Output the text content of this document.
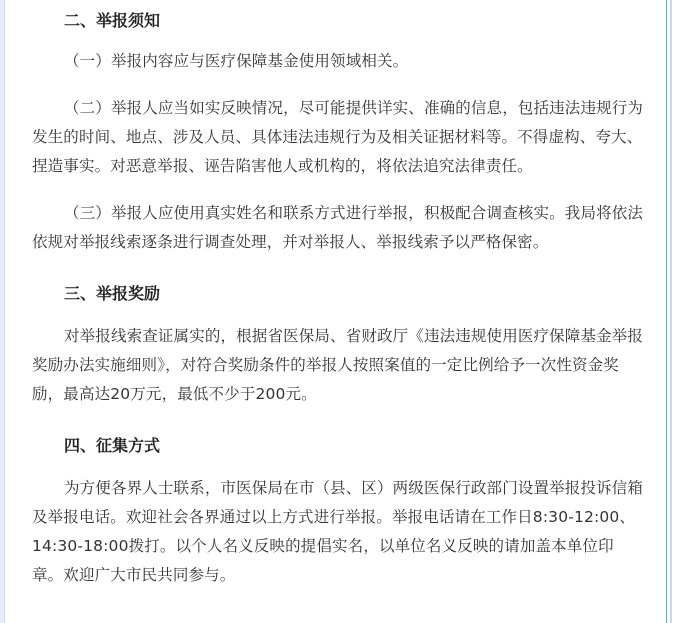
二、举报须知

（一）举报内容应与医疗保障基金使用领域相关。

（二）举报人应当如实反映情况，尽可能提供详实、准确的信息，包括违法违规行为发生的时间、地点、涉及人员、具体违法违规行为及相关证据材料等。不得虚构、夸大、捏造事实。对恶意举报、诬告陷害他人或机构的，将依法追究法律责任。

（三）举报人应使用真实姓名和联系方式进行举报，积极配合调查核实。我局将依法依规对举报线索逐条进行调查处理，并对举报人、举报线索予以严格保密。

三、举报奖励

对举报线索查证属实的，根据省医保局、省财政厅《违法违规使用医疗保障基金举报奖励办法实施细则》，对符合奖励条件的举报人按照案值的一定比例给予一次性资金奖励，最高达20万元，最低不少于200元。

四、征集方式

为方便各界人士联系，市医保局在市（县、区）两级医保行政部门设置举报投诉信箱及举报电话。欢迎社会各界通过以上方式进行举报。举报电话请在工作日8:30-12:00、14:30-18:00拨打。以个人名义反映的提倡实名，以单位名义反映的请加盖本单位印章。欢迎广大市民共同参与。
